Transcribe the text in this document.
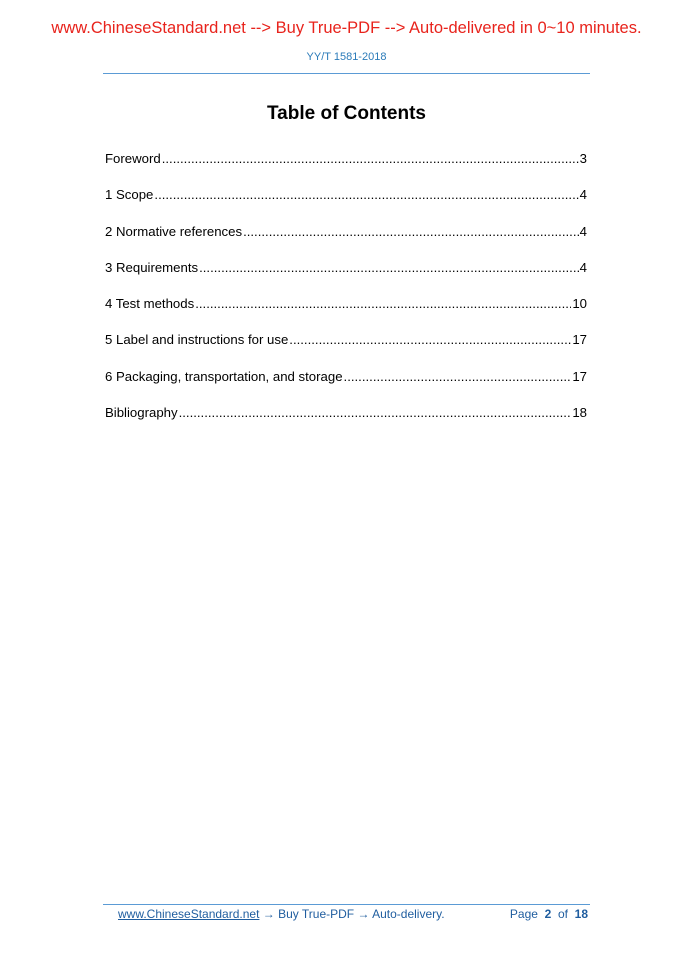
www.ChineseStandard.net --> Buy True-PDF --> Auto-delivered in 0~10 minutes.
YY/T 1581-2018
Table of Contents
Foreword .....	3
1 Scope .....	4
2 Normative references .....	4
3 Requirements .....	4
4 Test methods .....	10
5 Label and instructions for use .....	17
6 Packaging, transportation, and storage .....	17
Bibliography .....	18
www.ChineseStandard.net → Buy True-PDF → Auto-delivery.	Page 2 of 18
